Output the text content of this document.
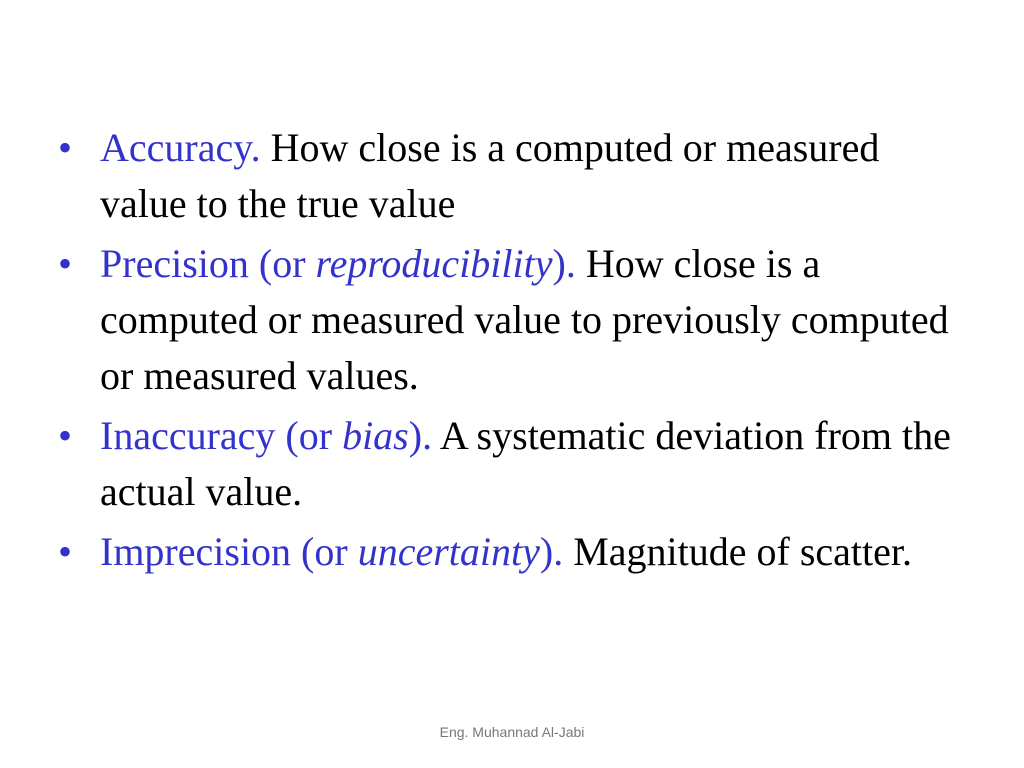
• Accuracy. How close is a computed or measured value to the true value
• Precision (or reproducibility). How close is a computed or measured value to previously computed or measured values.
• Inaccuracy (or bias). A systematic deviation from the actual value.
• Imprecision (or uncertainty). Magnitude of scatter.
Eng. Muhannad Al-Jabi
